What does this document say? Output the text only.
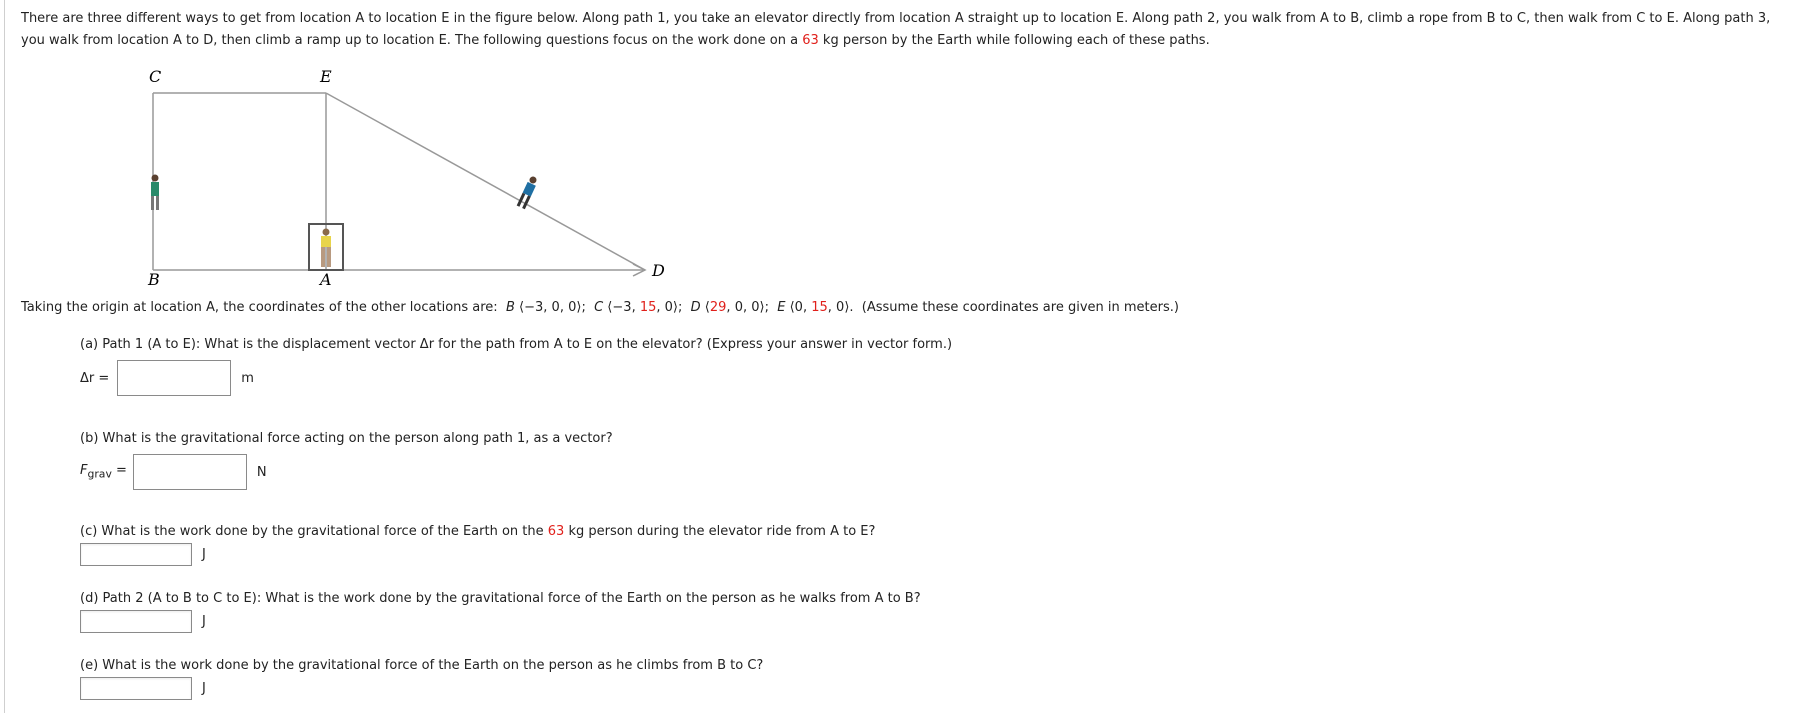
There are three different ways to get from location A to location E in the figure below. Along path 1, you take an elevator directly from location A straight up to location E. Along path 2, you walk from A to B, climb a rope from B to C, then walk from C to E. Along path 3, you walk from location A to D, then climb a ramp up to location E. The following questions focus on the work done on a 63 kg person by the Earth while following each of these paths.
C	E
B	A	D
Taking the origin at location A, the coordinates of the other locations are: B ⟨−3, 0, 0⟩;  C ⟨−3, 15, 0⟩;  D ⟨29, 0, 0⟩;  E ⟨0, 15, 0⟩.  (Assume these coordinates are given in meters.)
(a) Path 1 (A to E): What is the displacement vector Δr for the path from A to E on the elevator? (Express your answer in vector form.)
Δr =	m
(b) What is the gravitational force acting on the person along path 1, as a vector?
$F_{grav}$ =	N
(c) What is the work done by the gravitational force of the Earth on the 63 kg person during the elevator ride from A to E?
J
(d) Path 2 (A to B to C to E): What is the work done by the gravitational force of the Earth on the person as he walks from A to B?
J
(e) What is the work done by the gravitational force of the Earth on the person as he climbs from B to C?
J
